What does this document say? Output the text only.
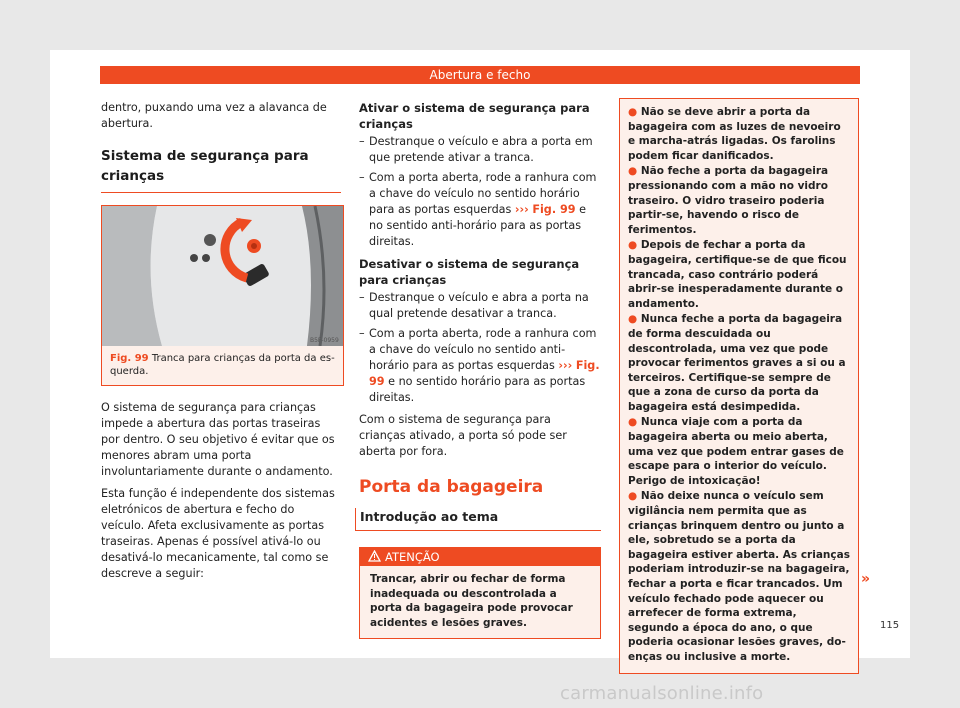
Abertura e fecho

dentro, puxando uma vez a alavanca de abertura.

Sistema de segurança para crianças
B5F-0959
Fig. 99 Tranca para crianças da porta da esquerda.

O sistema de segurança para crianças impede a abertura das portas traseiras por dentro. O seu objetivo é evitar que os menores abram uma porta involuntariamente durante o andamento.

Esta função é independente dos sistemas eletrónicos de abertura e fecho do veículo. Afeta exclusivamente as portas traseiras. Apenas é possível ativá-lo ou desativá-lo mecanicamente, tal como se descreve a seguir:

Ativar o sistema de segurança para crianças

– Destranque o veículo e abra a porta em que pretende ativar a tranca.
– Com a porta aberta, rode a ranhura com a chave do veículo no sentido horário para as portas esquerdas ››› Fig. 99 e no sentido anti-horário para as portas direitas.

Desativar o sistema de segurança para crianças

– Destranque o veículo e abra a porta na qual pretende desativar a tranca.
– Com a porta aberta, rode a ranhura com a chave do veículo no sentido anti-horário para as portas esquerdas ››› Fig. 99 e no sentido horário para as portas direitas.

Com o sistema de segurança para crianças ativado, a porta só pode ser aberta por fora.

Porta da bagageira
Introdução ao tema
ATENÇÃO
Trancar, abrir ou fechar de forma inadequada ou descontrolada a porta da bagageira pode provocar acidentes e lesões graves.

● Não se deve abrir a porta da bagageira com as luzes de nevoeiro e marcha-atrás ligadas. Os farolins podem ficar danificados.

● Não feche a porta da bagageira pressionando com a mão no vidro traseiro. O vidro traseiro poderia partir-se, havendo o risco de ferimentos.

● Depois de fechar a porta da bagageira, certifique-se de que ficou trancada, caso contrário poderá abrir-se inesperadamente durante o andamento.

● Nunca feche a porta da bagageira de forma descuidada ou descontrolada, uma vez que pode provocar ferimentos graves a si ou a terceiros. Certifique-se sempre de que a zona de curso da porta da bagageira está desimpedida.

● Nunca viaje com a porta da bagageira aberta ou meio aberta, uma vez que podem entrar gases de escape para o interior do veículo. Perigo de intoxicação!

● Não deixe nunca o veículo sem vigilância nem permita que as crianças brinquem dentro ou junto a ele, sobretudo se a porta da bagageira estiver aberta. As crianças poderiam introduzir-se na bagageira, fechar a porta e ficar trancados. Um veículo fechado pode aquecer ou arrefecer de forma extrema, segundo a época do ano, o que poderia ocasionar lesões graves, doenças ou inclusive a morte.

»
115
carmanualsonline.info
